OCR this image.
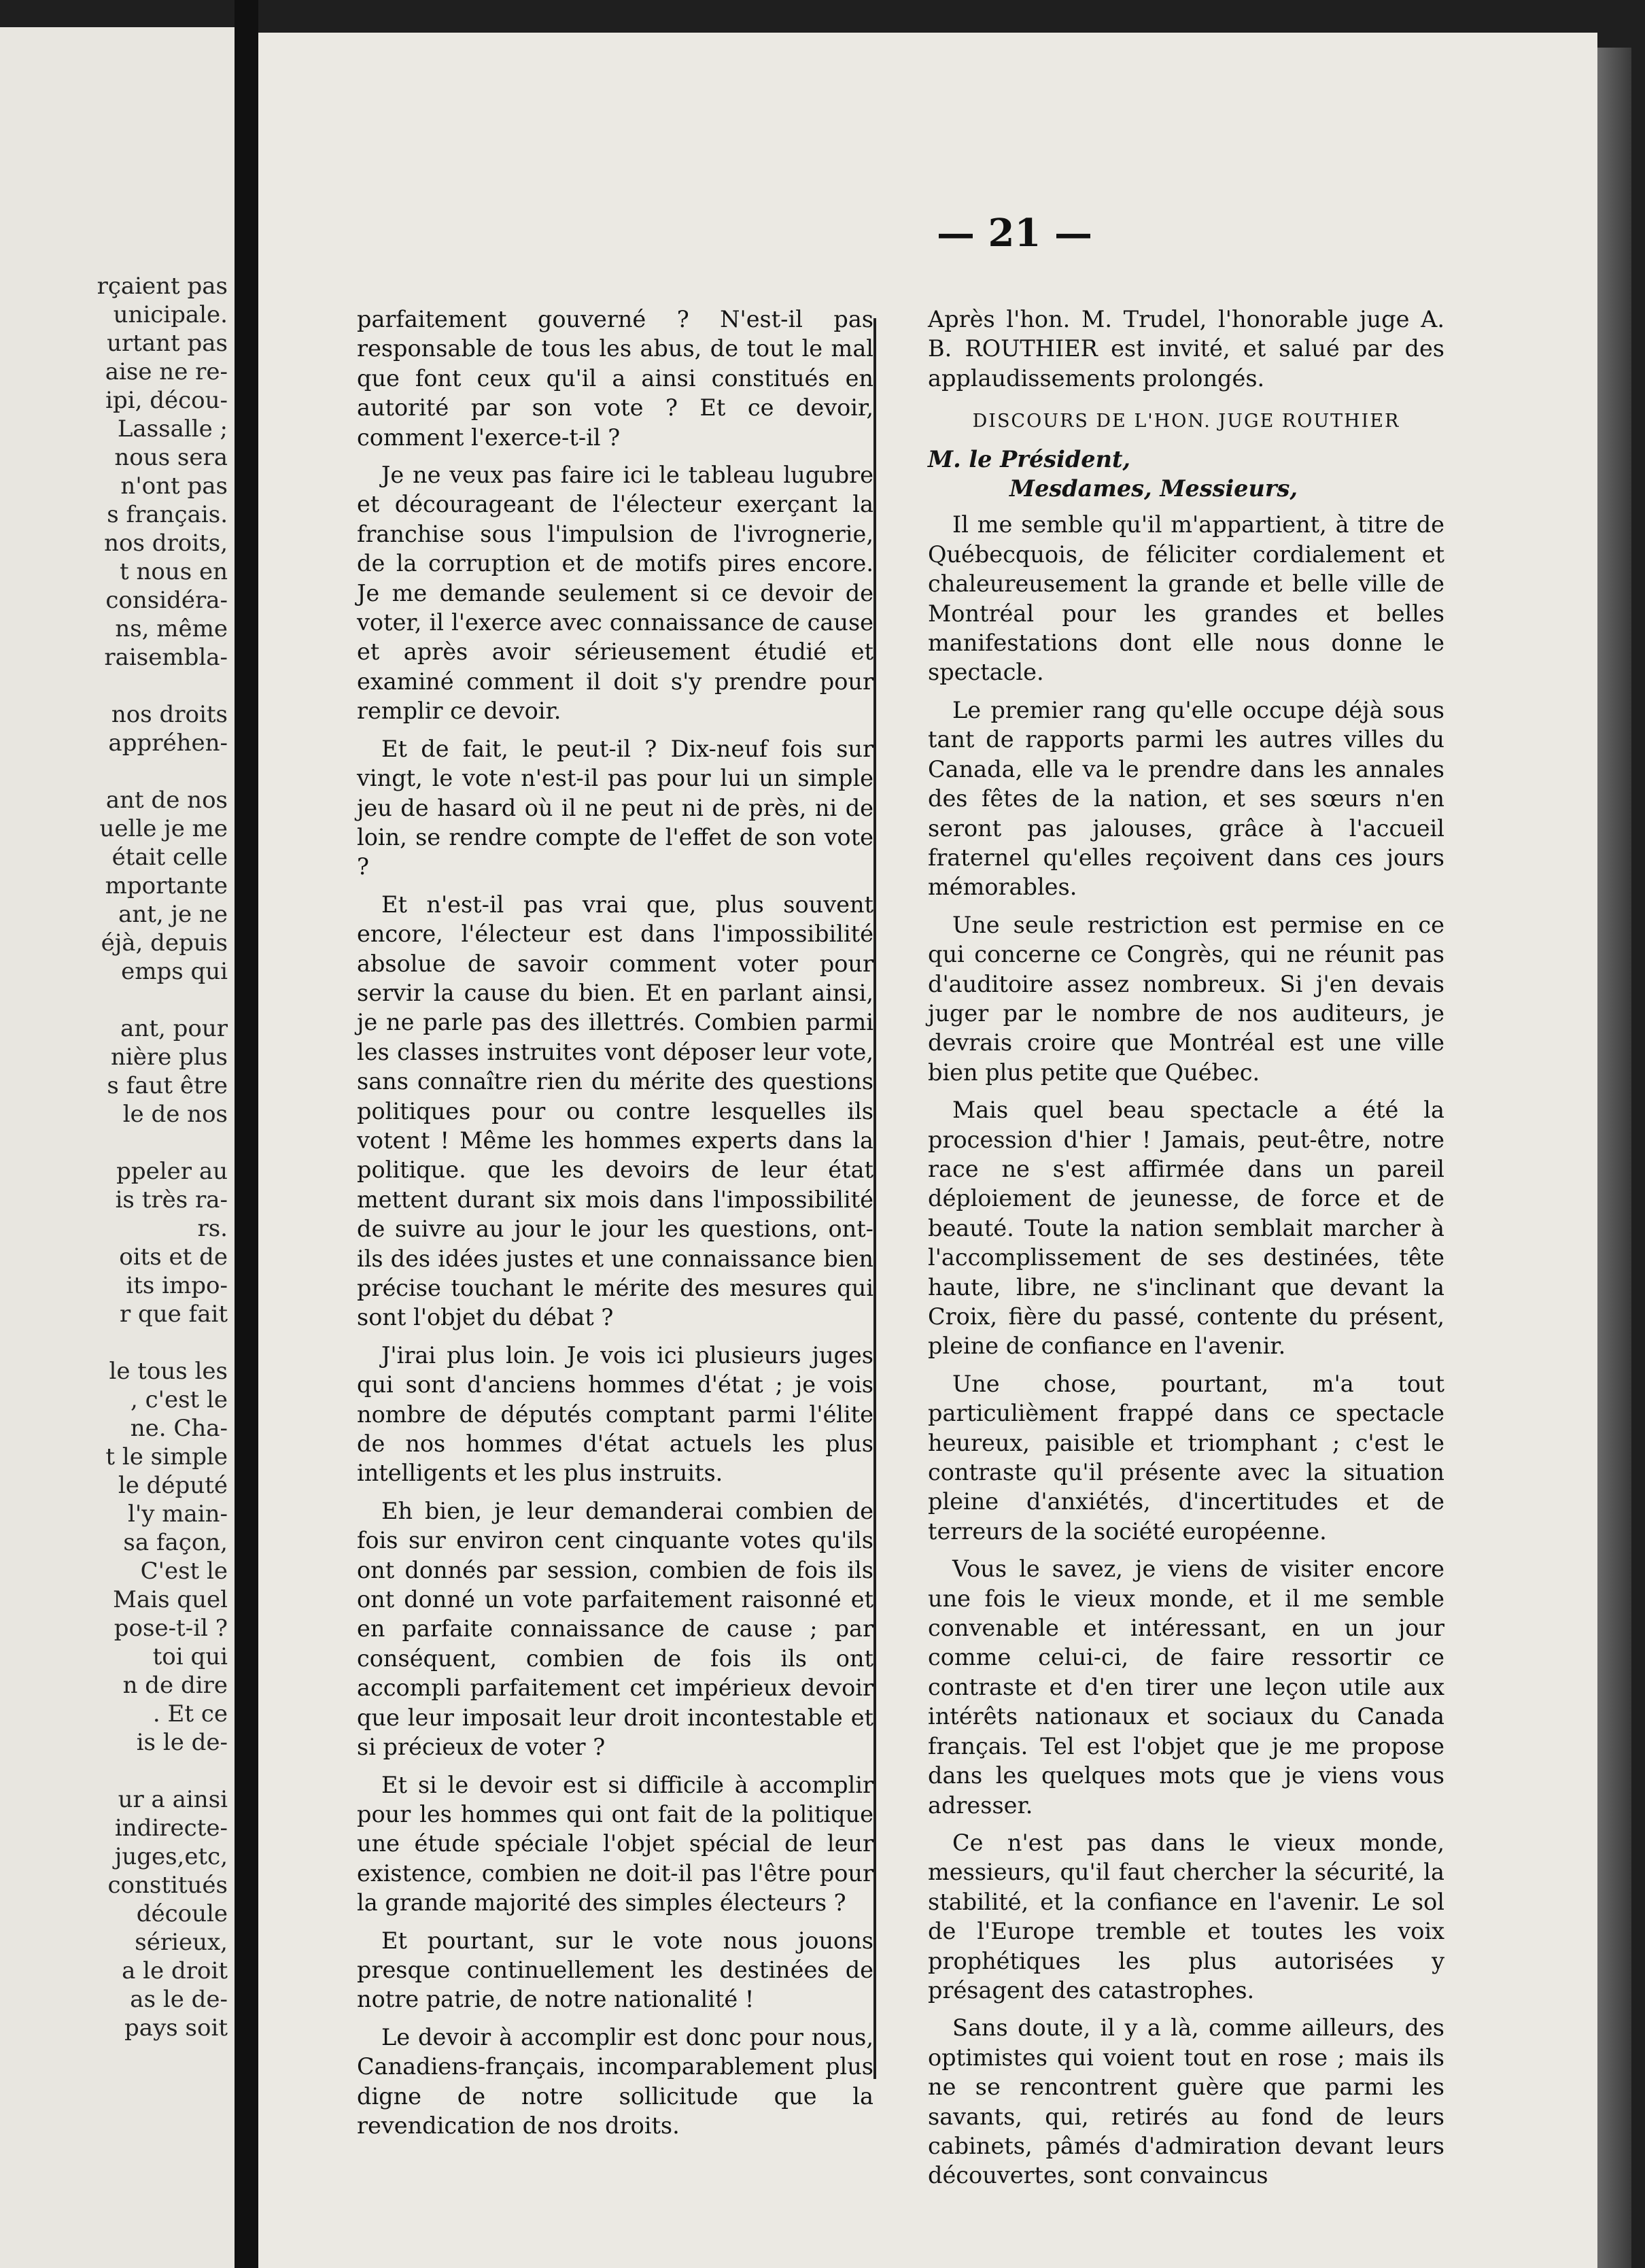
rçaient pas
unicipale.
urtant pas
aise ne re-
ipi, décou-
Lassalle ;
nous sera
n'ont pas
s français.
nos droits,
t nous en
considéra-
ns, même
raisembla-
nos droits
appréhen-
ant de nos
uelle je me
était celle
mportante
ant, je ne
éjà, depuis
emps qui
ant, pour
nière plus
s faut être
le de nos
ppeler au
is très ra-
rs.
oits et de
its impo-
r que fait
le tous les
, c'est le
ne. Cha-
t le simple
le député
l'y main-
sa façon,
C'est le
Mais quel
pose-t-il ?
toi qui
n de dire
. Et ce
is le de-
ur a ainsi
indirecte-
juges,etc,
constitués
découle
sérieux,
a le droit
as le de-
pays soit
— 21 —

parfaitement gouverné ? N'est-il pas responsable de tous les abus, de tout le mal que font ceux qu'il a ainsi constitués en autorité par son vote ? Et ce devoir, comment l'exerce-t-il ?

Je ne veux pas faire ici le tableau lugubre et décourageant de l'électeur exerçant la franchise sous l'impulsion de l'ivrognerie, de la corruption et de motifs pires encore. Je me demande seulement si ce devoir de voter, il l'exerce avec connaissance de cause et après avoir sérieusement étudié et examiné comment il doit s'y prendre pour remplir ce devoir.

Et de fait, le peut-il ? Dix-neuf fois sur vingt, le vote n'est-il pas pour lui un simple jeu de hasard où il ne peut ni de près, ni de loin, se rendre compte de l'effet de son vote ?

Et n'est-il pas vrai que, plus souvent encore, l'électeur est dans l'impossibilité absolue de savoir comment voter pour servir la cause du bien. Et en parlant ainsi, je ne parle pas des illettrés. Combien parmi les classes instruites vont déposer leur vote, sans connaître rien du mérite des questions politiques pour ou contre lesquelles ils votent ! Même les hommes experts dans la politique. que les devoirs de leur état mettent durant six mois dans l'impossibilité de suivre au jour le jour les questions, ont-ils des idées justes et une connaissance bien précise touchant le mérite des mesures qui sont l'objet du débat ?

J'irai plus loin. Je vois ici plusieurs juges qui sont d'anciens hommes d'état ; je vois nombre de députés comptant parmi l'élite de nos hommes d'état actuels les plus intelligents et les plus instruits.

Eh bien, je leur demanderai combien de fois sur environ cent cinquante votes qu'ils ont donnés par session, combien de fois ils ont donné un vote parfaitement raisonné et en parfaite connaissance de cause ; par conséquent, combien de fois ils ont accompli parfaitement cet impérieux devoir que leur imposait leur droit incontestable et si précieux de voter ?

Et si le devoir est si difficile à accomplir pour les hommes qui ont fait de la politique une étude spéciale l'objet spécial de leur existence, combien ne doit-il pas l'être pour la grande majorité des simples électeurs ?

Et pourtant, sur le vote nous jouons presque continuellement les destinées de notre patrie, de notre nationalité !

Le devoir à accomplir est donc pour nous, Canadiens-français, incomparablement plus digne de notre sollicitude que la revendication de nos droits.

Après l'hon. M. Trudel, l'honorable juge A. B. ROUTHIER est invité, et salué par des applaudissements prolongés.

DISCOURS DE L'HON. JUGE ROUTHIER

M. le Président,

Mesdames, Messieurs,

Il me semble qu'il m'appartient, à titre de Québecquois, de féliciter cordialement et chaleureusement la grande et belle ville de Montréal pour les grandes et belles manifestations dont elle nous donne le spectacle.

Le premier rang qu'elle occupe déjà sous tant de rapports parmi les autres villes du Canada, elle va le prendre dans les annales des fêtes de la nation, et ses sœurs n'en seront pas jalouses, grâce à l'accueil fraternel qu'elles reçoivent dans ces jours mémorables.

Une seule restriction est permise en ce qui concerne ce Congrès, qui ne réunit pas d'auditoire assez nombreux. Si j'en devais juger par le nombre de nos auditeurs, je devrais croire que Montréal est une ville bien plus petite que Québec.

Mais quel beau spectacle a été la procession d'hier ! Jamais, peut-être, notre race ne s'est affirmée dans un pareil déploiement de jeunesse, de force et de beauté. Toute la nation semblait marcher à l'accomplissement de ses destinées, tête haute, libre, ne s'inclinant que devant la Croix, fière du passé, contente du présent, pleine de confiance en l'avenir.

Une chose, pourtant, m'a tout particulièment frappé dans ce spectacle heureux, paisible et triomphant ; c'est le contraste qu'il présente avec la situation pleine d'anxiétés, d'incertitudes et de terreurs de la société européenne.

Vous le savez, je viens de visiter encore une fois le vieux monde, et il me semble convenable et intéressant, en un jour comme celui-ci, de faire ressortir ce contraste et d'en tirer une leçon utile aux intérêts nationaux et sociaux du Canada français. Tel est l'objet que je me propose dans les quelques mots que je viens vous adresser.

Ce n'est pas dans le vieux monde, messieurs, qu'il faut chercher la sécurité, la stabilité, et la confiance en l'avenir. Le sol de l'Europe tremble et toutes les voix prophétiques les plus autorisées y présagent des catastrophes.

Sans doute, il y a là, comme ailleurs, des optimistes qui voient tout en rose ; mais ils ne se rencontrent guère que parmi les savants, qui, retirés au fond de leurs cabinets, pâmés d'admiration devant leurs découvertes, sont convaincus
